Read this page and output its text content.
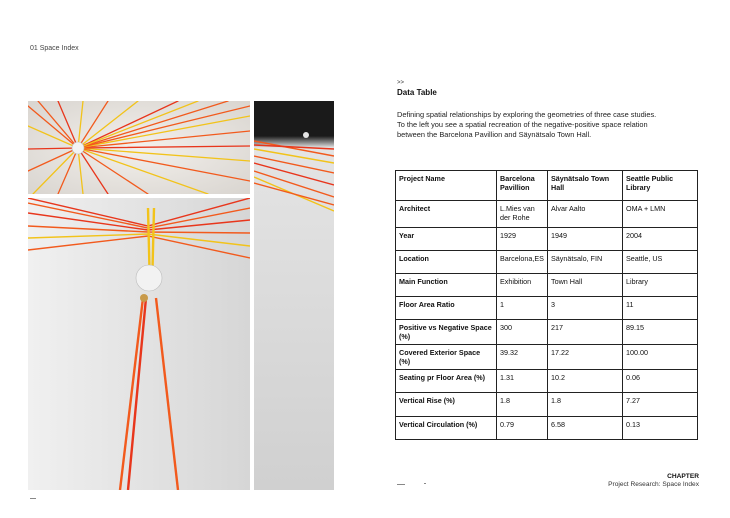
01 Space Index
>>
Data Table

Defining spatial relationships by exploring the geometries of three case studies.
To the left you see a spatial recreation of the negative-positive space relation
between the Barcelona Pavillion and Säynätsalo Town Hall.

Project Name	Barcelona Pavillion	Säynätsalo Town Hall	Seattle Public Library
Architect	L.Mies van der Rohe	Alvar Aalto	OMA + LMN
Year	1929	1949	2004
Location	Barcelona,ES	Säynätsalo, FIN	Seattle, US
Main Function	Exhibition	Town Hall	Library
Floor Area Ratio	1	3	11
Positive vs Negative Space (%)	300	217	89.15
Covered Exterior Space (%)	39.32	17.22	100.00
Seating pr Floor Area (%)	1.31	10.2	0.06
Vertical Rise (%)	1.8	1.8	7.27
Vertical Circulation (%)	0.79	6.58	0.13
CHAPTER
Project Research: Space Index
